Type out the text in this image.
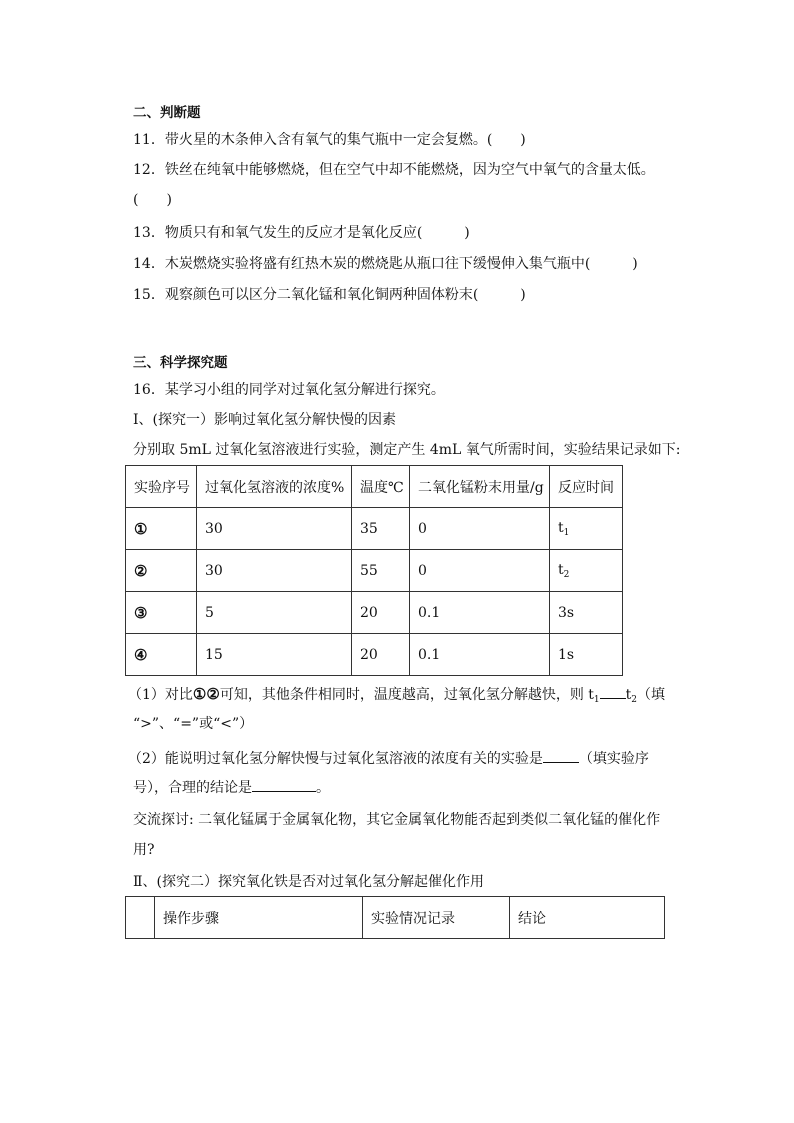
二、判断题
11．带火星的木条伸入含有氧气的集气瓶中一定会复燃。(　　)
12．铁丝在纯氧中能够燃烧，但在空气中却不能燃烧，因为空气中氧气的含量太低。
(　　)
13．物质只有和氧气发生的反应才是氧化反应(　　　)
14．木炭燃烧实验将盛有红热木炭的燃烧匙从瓶口往下缓慢伸入集气瓶中(　　　)
15．观察颜色可以区分二氧化锰和氧化铜两种固体粉末(　　　)
三、科学探究题
16．某学习小组的同学对过氧化氢分解进行探究。
Ⅰ、(探究一）影响过氧化氢分解快慢的因素
分别取 5mL 过氧化氢溶液进行实验，测定产生 4mL 氧气所需时间，实验结果记录如下:
实验序号	过氧化氢溶液的浓度%	温度℃	二氧化锰粉末用量/g	反应时间
①	30	35	0	$t_1$
②	30	55	0	$t_2$
③	5	20	0.1	3s
④	15	20	0.1	1s
（1）对比①②可知，其他条件相同时，温度越高，过氧化氢分解越快，则 $t_1$ $t_2$（填
“>”、“=”或“<”）
（2）能说明过氧化氢分解快慢与过氧化氢溶液的浓度有关的实验是	（填实验序
号），合理的结论是	。
交流探讨: 二氧化锰属于金属氧化物，其它金属氧化物能否起到类似二氧化锰的催化作
用?
Ⅱ、(探究二）探究氧化铁是否对过氧化氢分解起催化作用
	操作步骤	实验情况记录	结论
